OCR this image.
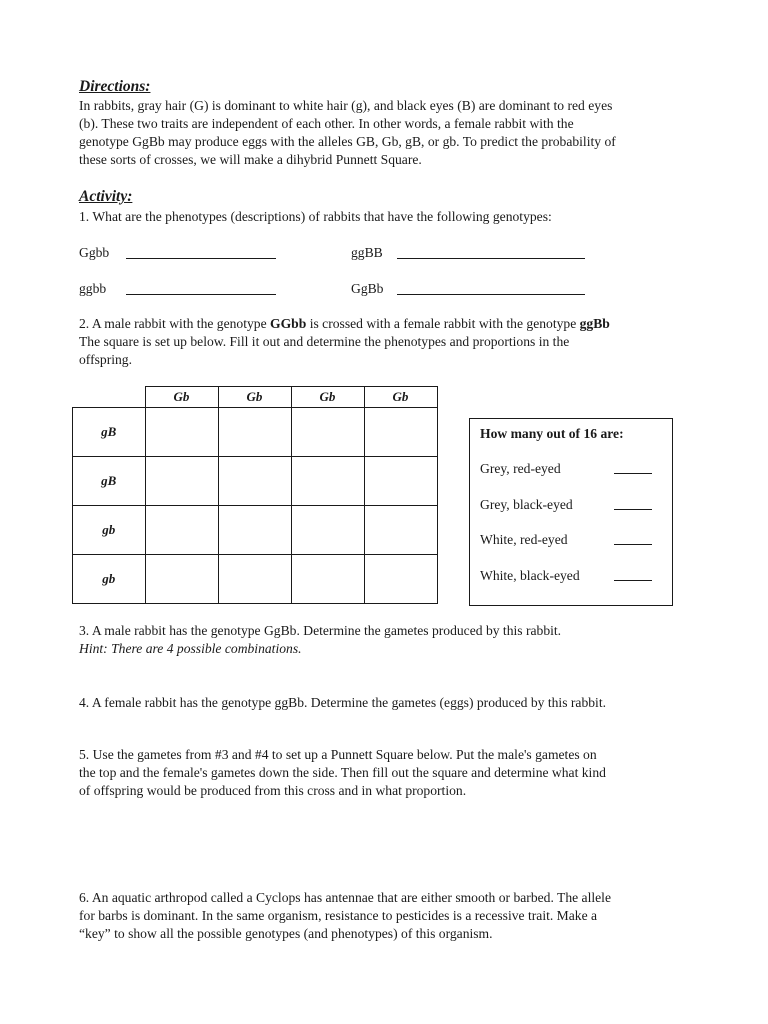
Directions:
In rabbits, gray hair (G) is dominant to white hair (g), and black eyes (B) are dominant to red eyes
(b). These two traits are independent of each other. In other words, a female rabbit with the
genotype GgBb may produce eggs with the alleles GB, Gb, gB, or gb. To predict the probability of
these sorts of crosses, we will make a dihybrid Punnett Square.
Activity:
1. What are the phenotypes (descriptions) of rabbits that have the following genotypes:
Ggbb	ggBB
ggbb	GgBb
2. A male rabbit with the genotype GGbb is crossed with a female rabbit with the genotype ggBb
The square is set up below. Fill it out and determine the phenotypes and proportions in the
offspring.
	Gb	Gb	Gb	Gb
gB				
gB				
gb				
gb				
How many out of 16 are:
Grey, red-eyed
Grey, black-eyed
White, red-eyed
White, black-eyed
3. A male rabbit has the genotype GgBb. Determine the gametes produced by this rabbit.
Hint: There are 4 possible combinations.
4. A female rabbit has the genotype ggBb. Determine the gametes (eggs) produced by this rabbit.
5. Use the gametes from #3 and #4 to set up a Punnett Square below. Put the male's gametes on
the top and the female's gametes down the side. Then fill out the square and determine what kind
of offspring would be produced from this cross and in what proportion.
6. An aquatic arthropod called a Cyclops has antennae that are either smooth or barbed. The allele
for barbs is dominant. In the same organism, resistance to pesticides is a recessive trait. Make a
“key” to show all the possible genotypes (and phenotypes) of this organism.
